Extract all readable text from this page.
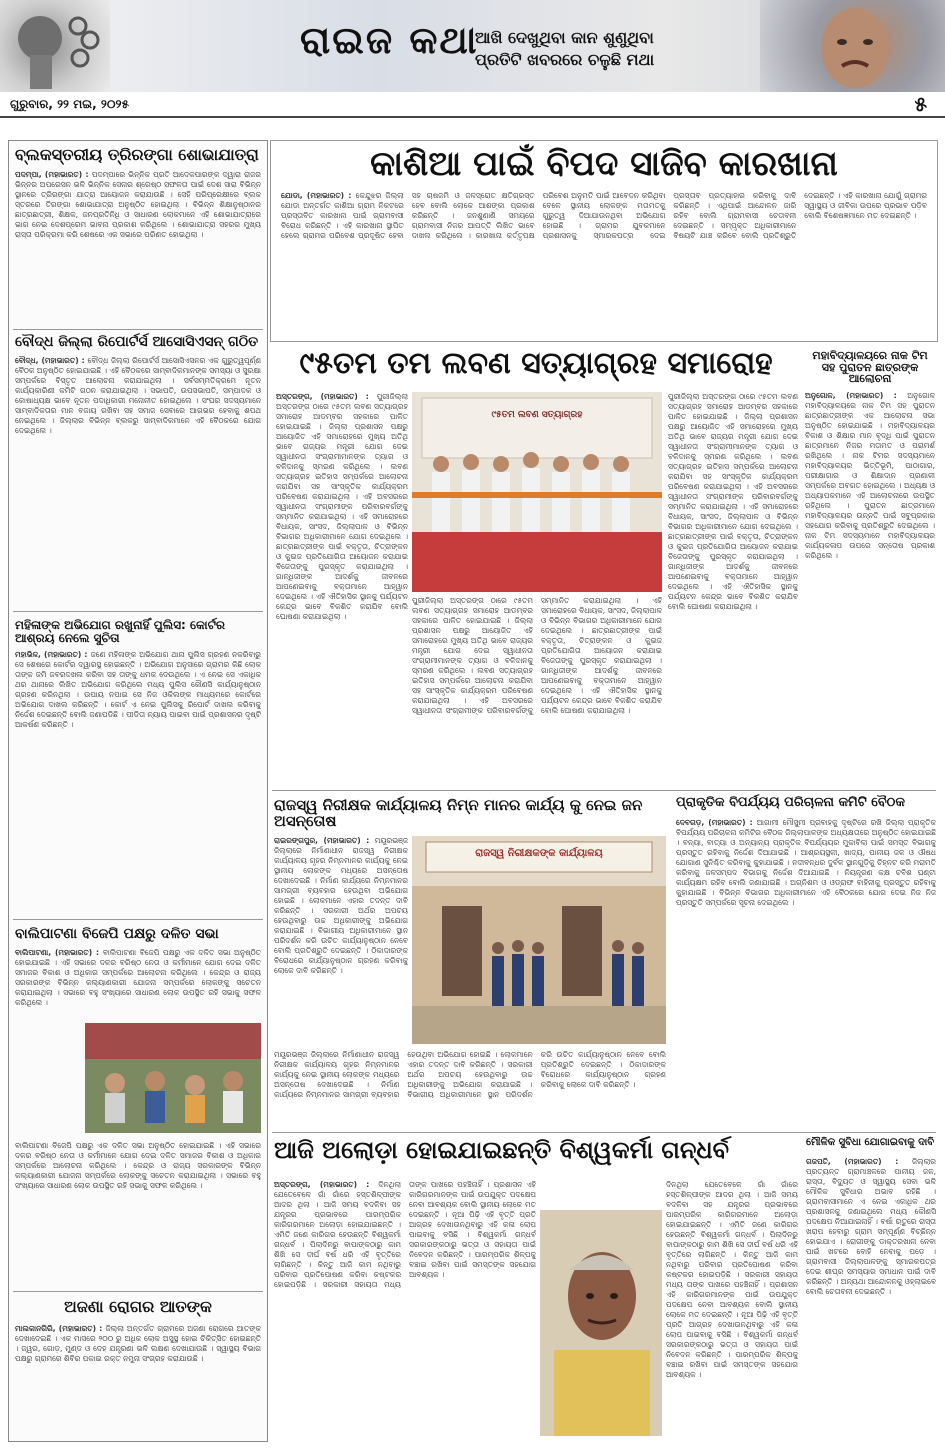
ରାଇଜ କଥା
ଆଖି ଦେଖୁଥିବା କାନ ଶୁଣୁଥିବା
ପ୍ରତିଟି ଖବରରେ ଚଳୁଛି ମଥା
ଗୁରୁବାର, ୨୨ ମଇ, ୨୦୨୫	୫
ବ୍ଲକସ୍ତରୀୟ ତ୍ରିରଙ୍ଗା ଶୋଭାଯାତ୍ରା
ପଦମ୍ପା, (ମହାଭାରତ) : ପଦମ୍ପାରେ ଭିନ୍ନିକ ପ୍ରତି ଆଦେକପାରଙ୍କ ଦ୍ୱାରା ରାଜର ଭିନ୍ନର ଅପରେସନ ଭଳି ଭିନ୍ନିକ ସେନାର ଶ୍ରେଷ୍ଠ ସଫଳତା ପାଇଁ ଦେଶ ସାରା ବିଭିନ୍ନ ସ୍ଥାନରେ ତ୍ରିରଙ୍ଗା ଯାତ୍ରା ଆୟୋଜନ କରାଯାଉଛି । ସେହି ପରିପ୍ରେକ୍ଷୀରେ ବ୍ଲକ ସ୍ତରରେ ତିରଙ୍ଗା ଶୋଭାଯାତ୍ରା ଅନୁଷ୍ଠିତ ହୋଇଥିଲା । ବିଭିନ୍ନ ଶିକ୍ଷାନୁଷ୍ଠାନର ଛାତ୍ରଛାତ୍ରୀ, ଶିକ୍ଷକ, ଜନପ୍ରତିନିଧି ଓ ସାଧାରଣ ଲୋକମାନେ ଏହି ଶୋଭାଯାତ୍ରାରେ ଭାଗ ନେଇ ଦେଶପ୍ରେମ ଭାବନା ପ୍ରକାଶ କରିଥିଲେ । ଶୋଭାଯାତ୍ରା ସହରର ମୁଖ୍ୟ ରାସ୍ତା ପରିକ୍ରମା କରି ଶେଷରେ ଏକ ସଭାରେ ପରିଣତ ହୋଇଥିଲା ।
ବୌଦ୍ଧ ଜିଲ୍ଲା ରିପୋର୍ଟର୍ସ ଆସୋସିଏସନ୍ ଗଠିତ
ବୌଦ୍ଧ, (ମହାଭାରତ) : ବୌଦ୍ଧ ଜିଲ୍ଲା ରିପୋର୍ଟର୍ସ ଆସୋସିଏସନର ଏକ ଗୁରୁତ୍ୱପୂର୍ଣ୍ଣ ବୈଠକ ଅନୁଷ୍ଠିତ ହୋଇଯାଇଛି । ଏହି ବୈଠକରେ ସାମ୍ବାଦିକମାନଙ୍କ ସମସ୍ୟା ଓ ସୁରକ୍ଷା ସମ୍ପର୍କରେ ବିସ୍ତୃତ ଆଲୋଚନା କରାଯାଇଥିଲା । ସର୍ବସମ୍ମତିକ୍ରମେ ନୂତନ କାର୍ଯ୍ୟକାରିଣୀ କମିଟି ଗଠନ କରାଯାଇଥିଲା । ସଭାପତି, ଉପସଭାପତି, ସମ୍ପାଦକ ଓ କୋଷାଧ୍ୟକ୍ଷ ଭାବେ ନୂତନ ପଦାଧିକାରୀ ମନୋନୀତ ହୋଇଥିଲେ । ସଂଘର ସଦସ୍ୟମାନେ ସାମ୍ବାଦିକତାର ମାନ ବଜାୟ ରଖିବା ସହ ସମାଜ ସେବାରେ ଆଗଭର ହେବାକୁ ଶପଥ ନେଇଥିଲେ । ଜିଲ୍ଲାର ବିଭିନ୍ନ ବ୍ଲକରୁ ସାମ୍ବାଦିକମାନେ ଏହି ବୈଠକରେ ଯୋଗ ଦେଇଥିଲେ ।
ମହିଳାଙ୍କ ଅଭିଯୋଗ ରଖୁନାହିଁ ପୁଲିସ: କୋର୍ଟର ଆଶ୍ରୟ ନେଲେ ସୁଚିତା
ମହାଭିଳ, (ମହାଭାରତ) : ଜଣେ ମହିଳାଙ୍କ ଅଭିଯୋଗ ଥାନା ପୁଲିସ ଗ୍ରହଣ ନକରିବାରୁ ସେ ଶେଷରେ କୋର୍ଟର ଦ୍ୱାରସ୍ଥ ହୋଇଛନ୍ତି । ଅଭିଯୋଗ ଅନୁସାରେ ଗ୍ରାମର କିଛି ଲୋକ ତାଙ୍କ ଜମି ଜବରଦଖଲ କରିବା ସହ ତାଙ୍କୁ ଧମକ ଦେଉଥିଲେ । ଏ ନେଇ ସେ ଏକାଧିକ ଥର ଥାନାରେ ଲିଖିତ ଅଭିଯୋଗ କରିଥିଲେ ମଧ୍ୟ ପୁଲିସ କୌଣସି କାର୍ଯ୍ୟାନୁଷ୍ଠାନ ଗ୍ରହଣ କରିନଥିଲା । ଉପାୟ ନପାଇ ସେ ନିଜ ଓକିଲଙ୍କ ମାଧ୍ୟମରେ କୋର୍ଟରେ ଅଭିଯୋଗ ଦାଖଲ କରିଛନ୍ତି । କୋର୍ଟ ଏ ନେଇ ପୁଲିସକୁ ରିପୋର୍ଟ ଦାଖଲ କରିବାକୁ ନିର୍ଦ୍ଦେଶ ଦେଇଛନ୍ତି ବୋଲି ଜଣାପଡିଛି । ପୀଡିତା ନ୍ୟାୟ ପାଇବା ପାଇଁ ପ୍ରଶାସନର ଦୃଷ୍ଟି ଆକର୍ଷଣ କରିଛନ୍ତି ।
ବାଲିପାଟଣା ବିଜେପି ପକ୍ଷରୁ ଦଳିତ ସଭା
ବାଲିପାଟଣା, (ମହାଭାରତ) : ବାଲିପାଟଣା ବିଜେପି ପକ୍ଷରୁ ଏକ ଦଳିତ ସଭା ଅନୁଷ୍ଠିତ ହୋଇଯାଇଛି । ଏହି ସଭାରେ ଦଳର ବରିଷ୍ଠ ନେତା ଓ କର୍ମୀମାନେ ଯୋଗ ଦେଇ ଦଳିତ ସମାଜର ବିକାଶ ଓ ଅଧିକାର ସମ୍ପର୍କରେ ଆଲୋଚନା କରିଥିଲେ । କେନ୍ଦ୍ର ଓ ରାଜ୍ୟ ସରକାରଙ୍କ ବିଭିନ୍ନ କଲ୍ୟାଣକାରୀ ଯୋଜନା ସମ୍ପର୍କରେ ଲୋକଙ୍କୁ ସଚେତନ କରାଯାଇଥିଲା । ସଭାରେ ବହୁ ସଂଖ୍ୟାରେ ସାଧାରଣ ଲୋକ ଉପସ୍ଥିତ ରହି ସଭାକୁ ସଫଳ କରିଥିଲେ ।
ବାଲିପାଟଣା ବିଜେପି ପକ୍ଷରୁ ଏକ ଦଳିତ ସଭା ଅନୁଷ୍ଠିତ ହୋଇଯାଇଛି । ଏହି ସଭାରେ ଦଳର ବରିଷ୍ଠ ନେତା ଓ କର୍ମୀମାନେ ଯୋଗ ଦେଇ ଦଳିତ ସମାଜର ବିକାଶ ଓ ଅଧିକାର ସମ୍ପର୍କରେ ଆଲୋଚନା କରିଥିଲେ । କେନ୍ଦ୍ର ଓ ରାଜ୍ୟ ସରକାରଙ୍କ ବିଭିନ୍ନ କଲ୍ୟାଣକାରୀ ଯୋଜନା ସମ୍ପର୍କରେ ଲୋକଙ୍କୁ ସଚେତନ କରାଯାଇଥିଲା । ସଭାରେ ବହୁ ସଂଖ୍ୟାରେ ସାଧାରଣ ଲୋକ ଉପସ୍ଥିତ ରହି ସଭାକୁ ସଫଳ କରିଥିଲେ ।
ଅଜଣା ରୋଗର ଆତଙ୍କ
ମାଲକାନଗିରି, (ମହାଭାରତ) : ଜିଲ୍ଲା ଅନ୍ତର୍ଗତ ଗ୍ରାମରେ ଅଜଣା ରୋଗରେ ଆତଙ୍କ ଦେଖାଦେଇଛି । ଏକ ମାସରେ ୨୦୦ ରୁ ଅଧିକ ଲୋକ ଅସୁସ୍ଥ ହୋଇ ଚିକିତ୍ସିତ ହୋଇଛନ୍ତି । ଜ୍ୱର, ଗୋଡ଼, ମୁଣ୍ଡ ଓ ଦେହ ଯନ୍ତ୍ରଣା ଭଳି ଲକ୍ଷଣ ଦେଖାଯାଉଛି । ସ୍ୱାସ୍ଥ୍ୟ ବିଭାଗ ପକ୍ଷରୁ ଗ୍ରାମରେ ଶିବିର ପକାଇ ରକ୍ତ ନମୁନା ସଂଗ୍ରହ କରାଯାଉଛି ।
କାଶିଆ ପାଇଁ ବିପଦ ସାଜିବ କାରଖାନା
ଯୋଡା, (ମହାଭାରତ) : କେନ୍ଦୁଝର ଜିଲ୍ଲା ଯୋଡା ଅନ୍ତର୍ଗତ କାଶିଆ ଗ୍ରାମ ନିକଟରେ ପ୍ରସ୍ତାବିତ କାରଖାନା ପାଇଁ ଗ୍ରାମବାସୀ ବିରୋଧ କରିଛନ୍ତି । ଏହି କାରଖାନା ସ୍ଥାପିତ ହେଲେ ଗ୍ରାମର ପରିବେଶ ପ୍ରଦୂଷିତ ହେବା ସହ ଚାଷଜମି ଓ ଜଳସ୍ରୋତ କ୍ଷତିଗ୍ରସ୍ତ ହେବ ବୋଲି ଲୋକେ ଆଶଙ୍କା ପ୍ରକାଶ କରିଛନ୍ତି । ଜନଶୁଣାଣି ସମୟରେ ଗ୍ରାମବାସୀ ନିଜର ଆପତ୍ତି ଲିଖିତ ଭାବେ ଦାଖଲ କରିଥିଲେ । କାରଖାନା କର୍ତ୍ତୃପକ୍ଷ ପରିବେଶ ଅନୁମତି ପାଇଁ ଆବେଦନ କରିଥିବା ବେଳେ ସ୍ଥାନୀୟ ଲୋକଙ୍କ ମତାମତକୁ ଗୁରୁତ୍ୱ ଦିଆଯାଉନଥିବା ଅଭିଯୋଗ ହୋଇଛି । ଗ୍ରାମର ଯୁବକମାନେ ପ୍ରଶାସନକୁ ସ୍ମାରକପତ୍ର ଦେଇ ପ୍ରସ୍ତାବ ପ୍ରତ୍ୟାହାର କରିବାକୁ ଦାବି କରିଛନ୍ତି । ଏଥିପାଇଁ ଆନ୍ଦୋଳନ ଜାରି ରହିବ ବୋଲି ଗ୍ରାମବାସୀ ଚେତାବନୀ ଦେଇଛନ୍ତି । ସମ୍ପୃକ୍ତ ଅଧିକାରୀମାନେ ବିଷୟଟି ଯାଞ୍ଚ କରିବେ ବୋଲି ପ୍ରତିଶ୍ରୁତି ଦେଇଛନ୍ତି । ଏହି କାରଖାନା ଯୋଗୁଁ ଗ୍ରାମର ସ୍ୱାସ୍ଥ୍ୟ ଓ ଜୀବିକା ଉପରେ ପ୍ରଭାବ ପଡ଼ିବ ବୋଲି ବିଶେଷଜ୍ଞମାନେ ମତ ଦେଇଛନ୍ତି ।
୯୫ତମ ତମ ଲବଣ ସତ୍ୟାଗ୍ରହ ସମାରୋହ
ଅସ୍ତରଙ୍ଗ, (ମହାଭାରତ) : ପୁରୀଜିଲ୍ଲା ଅସ୍ତରଙ୍ଗ ଠାରେ ୯୫ତମ ଲବଣ ସତ୍ୟାଗ୍ରହ ସମାରୋହ ଆଡମ୍ବର ସହକାରେ ପାଳିତ ହୋଇଯାଇଛି । ଜିଲ୍ଲା ପ୍ରଶାସନ ପକ୍ଷରୁ ଆୟୋଜିତ ଏହି ସମାରୋହରେ ମୁଖ୍ୟ ଅତିଥି ଭାବେ ରାଜ୍ୟର ମନ୍ତ୍ରୀ ଯୋଗ ଦେଇ ସ୍ୱାଧୀନତା ସଂଗ୍ରାମୀମାନଙ୍କ ତ୍ୟାଗ ଓ ବଳିଦାନକୁ ସ୍ମରଣ କରିଥିଲେ । ଲବଣ ସତ୍ୟାଗ୍ରହ ଇତିହାସ ସମ୍ପର୍କରେ ଆଲୋଚନା କରାଯିବା ସହ ସାଂସ୍କୃତିକ କାର୍ଯ୍ୟକ୍ରମ ପରିବେଷଣ କରାଯାଇଥିଲା । ଏହି ଅବସରରେ ସ୍ୱାଧୀନତା ସଂଗ୍ରାମୀଙ୍କ ପରିବାରବର୍ଗଙ୍କୁ ସମ୍ମାନିତ କରାଯାଇଥିଲା । ଏହି ସମାରୋହରେ ବିଧାୟକ, ସାଂସଦ, ଜିଲ୍ଲାପାଳ ଓ ବିଭିନ୍ନ ବିଭାଗର ଅଧିକାରୀମାନେ ଯୋଗ ଦେଇଥିଲେ । ଛାତ୍ରଛାତ୍ରୀଙ୍କ ପାଇଁ ବକ୍ତୃତା, ଚିତ୍ରାଙ୍କନ ଓ କୁଇଜ ପ୍ରତିଯୋଗିତା ଆୟୋଜନ କରାଯାଇ ବିଜେତାଙ୍କୁ ପୁରସ୍କୃତ କରାଯାଇଥିଲା । ଗାନ୍ଧିଜୀଙ୍କ ଆଦର୍ଶକୁ ଜୀବନରେ ଆପଣେଇବାକୁ ବକ୍ତାମାନେ ଆହ୍ୱାନ ଦେଇଥିଲେ । ଏହି ଐତିହାସିକ ସ୍ଥାନକୁ ପର୍ଯ୍ୟଟନ କେନ୍ଦ୍ର ଭାବେ ବିକଶିତ କରାଯିବ ବୋଲି ଘୋଷଣା କରାଯାଇଥିଲା ।
୯୫ତମ ଲବଣ ସତ୍ୟାଗ୍ରହ
ପୁରୀଜିଲ୍ଲା ଅସ୍ତରଙ୍ଗ ଠାରେ ୯୫ତମ ଲବଣ ସତ୍ୟାଗ୍ରହ ସମାରୋହ ଆଡମ୍ବର ସହକାରେ ପାଳିତ ହୋଇଯାଇଛି । ଜିଲ୍ଲା ପ୍ରଶାସନ ପକ୍ଷରୁ ଆୟୋଜିତ ଏହି ସମାରୋହରେ ମୁଖ୍ୟ ଅତିଥି ଭାବେ ରାଜ୍ୟର ମନ୍ତ୍ରୀ ଯୋଗ ଦେଇ ସ୍ୱାଧୀନତା ସଂଗ୍ରାମୀମାନଙ୍କ ତ୍ୟାଗ ଓ ବଳିଦାନକୁ ସ୍ମରଣ କରିଥିଲେ । ଲବଣ ସତ୍ୟାଗ୍ରହ ଇତିହାସ ସମ୍ପର୍କରେ ଆଲୋଚନା କରାଯିବା ସହ ସାଂସ୍କୃତିକ କାର୍ଯ୍ୟକ୍ରମ ପରିବେଷଣ କରାଯାଇଥିଲା । ଏହି ଅବସରରେ ସ୍ୱାଧୀନତା ସଂଗ୍ରାମୀଙ୍କ ପରିବାରବର୍ଗଙ୍କୁ ସମ୍ମାନିତ କରାଯାଇଥିଲା । ଏହି ସମାରୋହରେ ବିଧାୟକ, ସାଂସଦ, ଜିଲ୍ଲାପାଳ ଓ ବିଭିନ୍ନ ବିଭାଗର ଅଧିକାରୀମାନେ ଯୋଗ ଦେଇଥିଲେ । ଛାତ୍ରଛାତ୍ରୀଙ୍କ ପାଇଁ ବକ୍ତୃତା, ଚିତ୍ରାଙ୍କନ ଓ କୁଇଜ ପ୍ରତିଯୋଗିତା ଆୟୋଜନ କରାଯାଇ ବିଜେତାଙ୍କୁ ପୁରସ୍କୃତ କରାଯାଇଥିଲା । ଗାନ୍ଧିଜୀଙ୍କ ଆଦର୍ଶକୁ ଜୀବନରେ ଆପଣେଇବାକୁ ବକ୍ତାମାନେ ଆହ୍ୱାନ ଦେଇଥିଲେ । ଏହି ଐତିହାସିକ ସ୍ଥାନକୁ ପର୍ଯ୍ୟଟନ କେନ୍ଦ୍ର ଭାବେ ବିକଶିତ କରାଯିବ ବୋଲି ଘୋଷଣା କରାଯାଇଥିଲା ।
ପୁରୀଜିଲ୍ଲା ଅସ୍ତରଙ୍ଗ ଠାରେ ୯୫ତମ ଲବଣ ସତ୍ୟାଗ୍ରହ ସମାରୋହ ଆଡମ୍ବର ସହକାରେ ପାଳିତ ହୋଇଯାଇଛି । ଜିଲ୍ଲା ପ୍ରଶାସନ ପକ୍ଷରୁ ଆୟୋଜିତ ଏହି ସମାରୋହରେ ମୁଖ୍ୟ ଅତିଥି ଭାବେ ରାଜ୍ୟର ମନ୍ତ୍ରୀ ଯୋଗ ଦେଇ ସ୍ୱାଧୀନତା ସଂଗ୍ରାମୀମାନଙ୍କ ତ୍ୟାଗ ଓ ବଳିଦାନକୁ ସ୍ମରଣ କରିଥିଲେ । ଲବଣ ସତ୍ୟାଗ୍ରହ ଇତିହାସ ସମ୍ପର୍କରେ ଆଲୋଚନା କରାଯିବା ସହ ସାଂସ୍କୃତିକ କାର୍ଯ୍ୟକ୍ରମ ପରିବେଷଣ କରାଯାଇଥିଲା । ଏହି ଅବସରରେ ସ୍ୱାଧୀନତା ସଂଗ୍ରାମୀଙ୍କ ପରିବାରବର୍ଗଙ୍କୁ ସମ୍ମାନିତ କରାଯାଇଥିଲା । ଏହି ସମାରୋହରେ ବିଧାୟକ, ସାଂସଦ, ଜିଲ୍ଲାପାଳ ଓ ବିଭିନ୍ନ ବିଭାଗର ଅଧିକାରୀମାନେ ଯୋଗ ଦେଇଥିଲେ । ଛାତ୍ରଛାତ୍ରୀଙ୍କ ପାଇଁ ବକ୍ତୃତା, ଚିତ୍ରାଙ୍କନ ଓ କୁଇଜ ପ୍ରତିଯୋଗିତା ଆୟୋଜନ କରାଯାଇ ବିଜେତାଙ୍କୁ ପୁରସ୍କୃତ କରାଯାଇଥିଲା । ଗାନ୍ଧିଜୀଙ୍କ ଆଦର୍ଶକୁ ଜୀବନରେ ଆପଣେଇବାକୁ ବକ୍ତାମାନେ ଆହ୍ୱାନ ଦେଇଥିଲେ । ଏହି ଐତିହାସିକ ସ୍ଥାନକୁ ପର୍ଯ୍ୟଟନ କେନ୍ଦ୍ର ଭାବେ ବିକଶିତ କରାଯିବ ବୋଲି ଘୋଷଣା କରାଯାଇଥିଲା ।
ମହାବିଦ୍ୟାଳୟରେ ନାକ ଟିମ ସହ ପୁରାତନ ଛାତ୍ରଙ୍କ ଆଲୋଚନା
ଅନୁଗୋଳ, (ମହାଭାରତ) : ଅନୁଗୋଳ ମହାବିଦ୍ୟାଳୟରେ ନାକ ଟିମ ସହ ପୁରାତନ ଛାତ୍ରଛାତ୍ରୀଙ୍କ ଏକ ଆଲୋଚନା ସଭା ଅନୁଷ୍ଠିତ ହୋଇଯାଇଛି । ମହାବିଦ୍ୟାଳୟର ବିକାଶ ଓ ଶିକ୍ଷାର ମାନ ବୃଦ୍ଧି ପାଇଁ ପୁରାତନ ଛାତ୍ରମାନେ ନିଜର ମତାମତ ଓ ପରାମର୍ଶ ରଖିଥିଲେ । ନାକ ଟିମର ସଦସ୍ୟମାନେ ମହାବିଦ୍ୟାଳୟର ଭିତ୍ତିଭୂମି, ପାଠାଗାର, ପରୀକ୍ଷାଗାର ଓ ଶିକ୍ଷାଦାନ ପ୍ରଣାଳୀ ସମ୍ପର୍କରେ ଅବଗତ ହୋଇଥିଲେ । ଅଧ୍ୟକ୍ଷ ଓ ଅଧ୍ୟାପକମାନେ ଏହି ଆଲୋଚନାରେ ଉପସ୍ଥିତ ରହିଥିଲେ । ପୁରାତନ ଛାତ୍ରମାନେ ମହାବିଦ୍ୟାଳୟର ଉନ୍ନତି ପାଇଁ ସବୁପ୍ରକାର ସହଯୋଗ କରିବାକୁ ପ୍ରତିଶ୍ରୁତି ଦେଇଥିଲେ । ନାକ ଟିମ ସଦସ୍ୟମାନେ ମହାବିଦ୍ୟାଳୟର କାର୍ଯ୍ୟକଳାପ ଉପରେ ସନ୍ତୋଷ ପ୍ରକାଶ କରିଥିଲେ ।
ରାଜସ୍ୱ ନିରୀକ୍ଷକ କାର୍ଯ୍ୟାଳୟ ନିମ୍ନ ମାନର କାର୍ଯ୍ୟ କୁ ନେଇ ଜନ ଅସନ୍ତୋଷ
ରାଇରଙ୍ଗପୁର, (ମହାଭାରତ) : ମୟୂରଭଞ୍ଜ ଜିଲ୍ଲାରେ ନିର୍ମାଣାଧୀନ ରାଜସ୍ୱ ନିରୀକ୍ଷକ କାର୍ଯ୍ୟାଳୟ ଗୃହର ନିମ୍ନମାନର କାର୍ଯ୍ୟକୁ ନେଇ ସ୍ଥାନୀୟ ଲୋକଙ୍କ ମଧ୍ୟରେ ଅସନ୍ତୋଷ ଦେଖାଦେଇଛି । ନିର୍ମାଣ କାର୍ଯ୍ୟରେ ନିମ୍ନମାନର ସାମଗ୍ରୀ ବ୍ୟବହାର ହେଉଥିବା ଅଭିଯୋଗ ହୋଇଛି । ଲୋକମାନେ ଏହାର ତଦନ୍ତ ଦାବି କରିଛନ୍ତି । ସରକାରୀ ଅର୍ଥର ଅପଚୟ ହେଉଥିବାରୁ ଉଚ୍ଚ ଅଧିକାରୀଙ୍କୁ ଅଭିଯୋଗ କରାଯାଇଛି । ବିଭାଗୀୟ ଅଧିକାରୀମାନେ ସ୍ଥାନ ପରିଦର୍ଶନ କରି ଉଚିତ କାର୍ଯ୍ୟାନୁଷ୍ଠାନ ନେବେ ବୋଲି ପ୍ରତିଶ୍ରୁତି ଦେଇଛନ୍ତି । ଠିକାଦାରଙ୍କ ବିରୋଧରେ କାର୍ଯ୍ୟାନୁଷ୍ଠାନ ଗ୍ରହଣ କରିବାକୁ ଲୋକେ ଦାବି କରିଛନ୍ତି ।
ରାଜସ୍ୱ ନିରୀକ୍ଷକଙ୍କ କାର୍ଯ୍ୟାଳୟ
ମୟୂରଭଞ୍ଜ ଜିଲ୍ଲାରେ ନିର୍ମାଣାଧୀନ ରାଜସ୍ୱ ନିରୀକ୍ଷକ କାର୍ଯ୍ୟାଳୟ ଗୃହର ନିମ୍ନମାନର କାର୍ଯ୍ୟକୁ ନେଇ ସ୍ଥାନୀୟ ଲୋକଙ୍କ ମଧ୍ୟରେ ଅସନ୍ତୋଷ ଦେଖାଦେଇଛି । ନିର୍ମାଣ କାର୍ଯ୍ୟରେ ନିମ୍ନମାନର ସାମଗ୍ରୀ ବ୍ୟବହାର ହେଉଥିବା ଅଭିଯୋଗ ହୋଇଛି । ଲୋକମାନେ ଏହାର ତଦନ୍ତ ଦାବି କରିଛନ୍ତି । ସରକାରୀ ଅର୍ଥର ଅପଚୟ ହେଉଥିବାରୁ ଉଚ୍ଚ ଅଧିକାରୀଙ୍କୁ ଅଭିଯୋଗ କରାଯାଇଛି । ବିଭାଗୀୟ ଅଧିକାରୀମାନେ ସ୍ଥାନ ପରିଦର୍ଶନ କରି ଉଚିତ କାର୍ଯ୍ୟାନୁଷ୍ଠାନ ନେବେ ବୋଲି ପ୍ରତିଶ୍ରୁତି ଦେଇଛନ୍ତି । ଠିକାଦାରଙ୍କ ବିରୋଧରେ କାର୍ଯ୍ୟାନୁଷ୍ଠାନ ଗ୍ରହଣ କରିବାକୁ ଲୋକେ ଦାବି କରିଛନ୍ତି ।
ପ୍ରାକୃତିକ ବିପର୍ଯ୍ୟୟ ପରିଚାଳନା କମିଟି ବୈଠକ
ଦେବଗଡ଼, (ମହାଭାରତ) : ଆଗାମୀ ମୌସୁମୀ ପ୍ରବାହକୁ ଦୃଷ୍ଟିରେ ରଖି ଜିଲ୍ଲା ପ୍ରାକୃତିକ ବିପର୍ଯ୍ୟୟ ପରିଚାଳନା କମିଟିର ବୈଠକ ଜିଲ୍ଲାପାଳଙ୍କ ଅଧ୍ୟକ୍ଷତାରେ ଅନୁଷ୍ଠିତ ହୋଇଯାଇଛି । ବନ୍ୟା, ବାତ୍ୟା ଓ ଅନ୍ୟାନ୍ୟ ପ୍ରାକୃତିକ ବିପର୍ଯ୍ୟୟର ମୁକାବିଲା ପାଇଁ ସମସ୍ତ ବିଭାଗକୁ ପ୍ରସ୍ତୁତ ରହିବାକୁ ନିର୍ଦ୍ଦେଶ ଦିଆଯାଇଛି । ଆଶ୍ରୟସ୍ଥଳୀ, ଖାଦ୍ୟ, ପାନୀୟ ଜଳ ଓ ଔଷଧ ଯୋଗାଣ ସୁନିଶ୍ଚିତ କରିବାକୁ କୁହାଯାଇଛି । ନଦୀବନ୍ଧର ଦୁର୍ବଳ ସ୍ଥାନଗୁଡ଼ିକୁ ଚିହ୍ନଟ କରି ମରାମତି କରିବାକୁ ଜଳସମ୍ପଦ ବିଭାଗକୁ ନିର୍ଦ୍ଦେଶ ଦିଆଯାଇଛି । ନିୟନ୍ତ୍ରଣ କକ୍ଷ ଚବିଶ ଘଣ୍ଟା କାର୍ଯ୍ୟକ୍ଷମ ରହିବ ବୋଲି ଜଣାଯାଇଛି । ଅଗ୍ନିଶମ ଓ ଓଡ୍ରାଫ ବାହିନୀକୁ ପ୍ରସ୍ତୁତ ରହିବାକୁ କୁହାଯାଇଛି । ବିଭିନ୍ନ ବିଭାଗର ଅଧିକାରୀମାନେ ଏହି ବୈଠକରେ ଯୋଗ ଦେଇ ନିଜ ନିଜ ପ୍ରସ୍ତୁତି ସମ୍ପର୍କରେ ସୂଚନା ଦେଇଥିଲେ ।
ଆଜି ଅଲୋଡ଼ା ହୋଇଯାଇଛନ୍ତି ବିଶ୍ୱକର୍ମା ଗନ୍ଧର୍ବ
ଅସ୍ତରଙ୍ଗ, (ମହାଭାରତ) : ଦିନଥିଲା ଯେତେବେଳେ ଗାଁ ଗାଁରେ ହସ୍ତଶିଳ୍ପୀଙ୍କ ଆଦର ଥିଲା । ଆଜି ସମୟ ବଦଳିବା ସହ ଯନ୍ତ୍ରର ପ୍ରଭାବରେ ପାରମ୍ପରିକ କାରିଗରମାନେ ଅଲୋଡ଼ା ହୋଇଯାଇଛନ୍ତି । ଏମିତି ଜଣେ କାରିଗର ହେଉଛନ୍ତି ବିଶ୍ୱକର୍ମା ଗନ୍ଧର୍ବ । ପିଲାଦିନରୁ ବାପାଙ୍କଠାରୁ କାମ ଶିଖି ସେ ଦୀର୍ଘ ବର୍ଷ ଧରି ଏହି ବୃତ୍ତିରେ ଲାଗିଛନ୍ତି । କିନ୍ତୁ ଆଜି କାମ ନଥିବାରୁ ପରିବାର ପ୍ରତିପୋଷଣ କରିବା କଷ୍ଟକର ହୋଇପଡ଼ିଛି । ସରକାରୀ ସହାୟତା ମଧ୍ୟ ତାଙ୍କ ପାଖରେ ପହଞ୍ଚିନାହିଁ । ପ୍ରଶାସନ ଏହି କାରିଗରମାନଙ୍କ ପାଇଁ ଉପଯୁକ୍ତ ପଦକ୍ଷେପ ନେବା ଆବଶ୍ୟକ ବୋଲି ସ୍ଥାନୀୟ ଲୋକେ ମତ ଦେଇଛନ୍ତି । ନୂଆ ପିଢ଼ି ଏହି ବୃତ୍ତି ପ୍ରତି ଆଗ୍ରହ ଦେଖାଉନଥିବାରୁ ଏହି କଳା ଲୋପ ପାଇବାକୁ ବସିଛି । ବିଶ୍ୱକର୍ମା ଗନ୍ଧର୍ବ ସରକାରଙ୍କଠାରୁ ଭତ୍ତା ଓ ସହାୟତା ପାଇଁ ନିବେଦନ କରିଛନ୍ତି । ପାରମ୍ପରିକ ଶିଳ୍ପକୁ ବଞ୍ଚାଇ ରଖିବା ପାଇଁ ସମସ୍ତଙ୍କ ସହଯୋଗ ଆବଶ୍ୟକ ।
ଦିନଥିଲା ଯେତେବେଳେ ଗାଁ ଗାଁରେ ହସ୍ତଶିଳ୍ପୀଙ୍କ ଆଦର ଥିଲା । ଆଜି ସମୟ ବଦଳିବା ସହ ଯନ୍ତ୍ରର ପ୍ରଭାବରେ ପାରମ୍ପରିକ କାରିଗରମାନେ ଅଲୋଡ଼ା ହୋଇଯାଇଛନ୍ତି । ଏମିତି ଜଣେ କାରିଗର ହେଉଛନ୍ତି ବିଶ୍ୱକର୍ମା ଗନ୍ଧର୍ବ । ପିଲାଦିନରୁ ବାପାଙ୍କଠାରୁ କାମ ଶିଖି ସେ ଦୀର୍ଘ ବର୍ଷ ଧରି ଏହି ବୃତ୍ତିରେ ଲାଗିଛନ୍ତି । କିନ୍ତୁ ଆଜି କାମ ନଥିବାରୁ ପରିବାର ପ୍ରତିପୋଷଣ କରିବା କଷ୍ଟକର ହୋଇପଡ଼ିଛି । ସରକାରୀ ସହାୟତା ମଧ୍ୟ ତାଙ୍କ ପାଖରେ ପହଞ୍ଚିନାହିଁ । ପ୍ରଶାସନ ଏହି କାରିଗରମାନଙ୍କ ପାଇଁ ଉପଯୁକ୍ତ ପଦକ୍ଷେପ ନେବା ଆବଶ୍ୟକ ବୋଲି ସ୍ଥାନୀୟ ଲୋକେ ମତ ଦେଇଛନ୍ତି । ନୂଆ ପିଢ଼ି ଏହି ବୃତ୍ତି ପ୍ରତି ଆଗ୍ରହ ଦେଖାଉନଥିବାରୁ ଏହି କଳା ଲୋପ ପାଇବାକୁ ବସିଛି । ବିଶ୍ୱକର୍ମା ଗନ୍ଧର୍ବ ସରକାରଙ୍କଠାରୁ ଭତ୍ତା ଓ ସହାୟତା ପାଇଁ ନିବେଦନ କରିଛନ୍ତି । ପାରମ୍ପରିକ ଶିଳ୍ପକୁ ବଞ୍ଚାଇ ରଖିବା ପାଇଁ ସମସ୍ତଙ୍କ ସହଯୋଗ ଆବଶ୍ୟକ ।
ମୌଳିକ ସୁବିଧା ଯୋଗାଇବାକୁ ଦାବି
ଗଜପତି, (ମହାଭାରତ) : ଜିଲ୍ଲାର ପ୍ରତ୍ୟନ୍ତ ଗ୍ରାମାଞ୍ଚଳରେ ପାନୀୟ ଜଳ, ରାସ୍ତା, ବିଦ୍ୟୁତ ଓ ସ୍ୱାସ୍ଥ୍ୟ ସେବା ଭଳି ମୌଳିକ ସୁବିଧାର ଅଭାବ ରହିଛି । ଗ୍ରାମବାସୀମାନେ ଏ ନେଇ ଏକାଧିକ ଥର ପ୍ରଶାସନକୁ ଜଣାଇଥିଲେ ମଧ୍ୟ କୌଣସି ପଦକ୍ଷେପ ନିଆଯାଇନାହିଁ । ବର୍ଷା ଋତୁରେ ରାସ୍ତା ଖରାପ ହେବାରୁ ଗ୍ରାମ ସମ୍ପୂର୍ଣ୍ଣ ବିଚ୍ଛିନ୍ନ ହୋଇଯାଏ । ରୋଗୀଙ୍କୁ ଡାକ୍ତରଖାନା ନେବା ପାଇଁ ଖଟରେ ବୋହି ନେବାକୁ ପଡ଼େ । ଗ୍ରାମବାସୀ ଜିଲ୍ଲାପାଳଙ୍କୁ ସ୍ମାରକପତ୍ର ଦେଇ ଶୀଘ୍ର ସମସ୍ୟାର ସମାଧାନ ପାଇଁ ଦାବି କରିଛନ୍ତି । ଅନ୍ୟଥା ଆନ୍ଦୋଳନକୁ ଓହ୍ଲାଇବେ ବୋଲି ଚେତାବନୀ ଦେଇଛନ୍ତି ।
